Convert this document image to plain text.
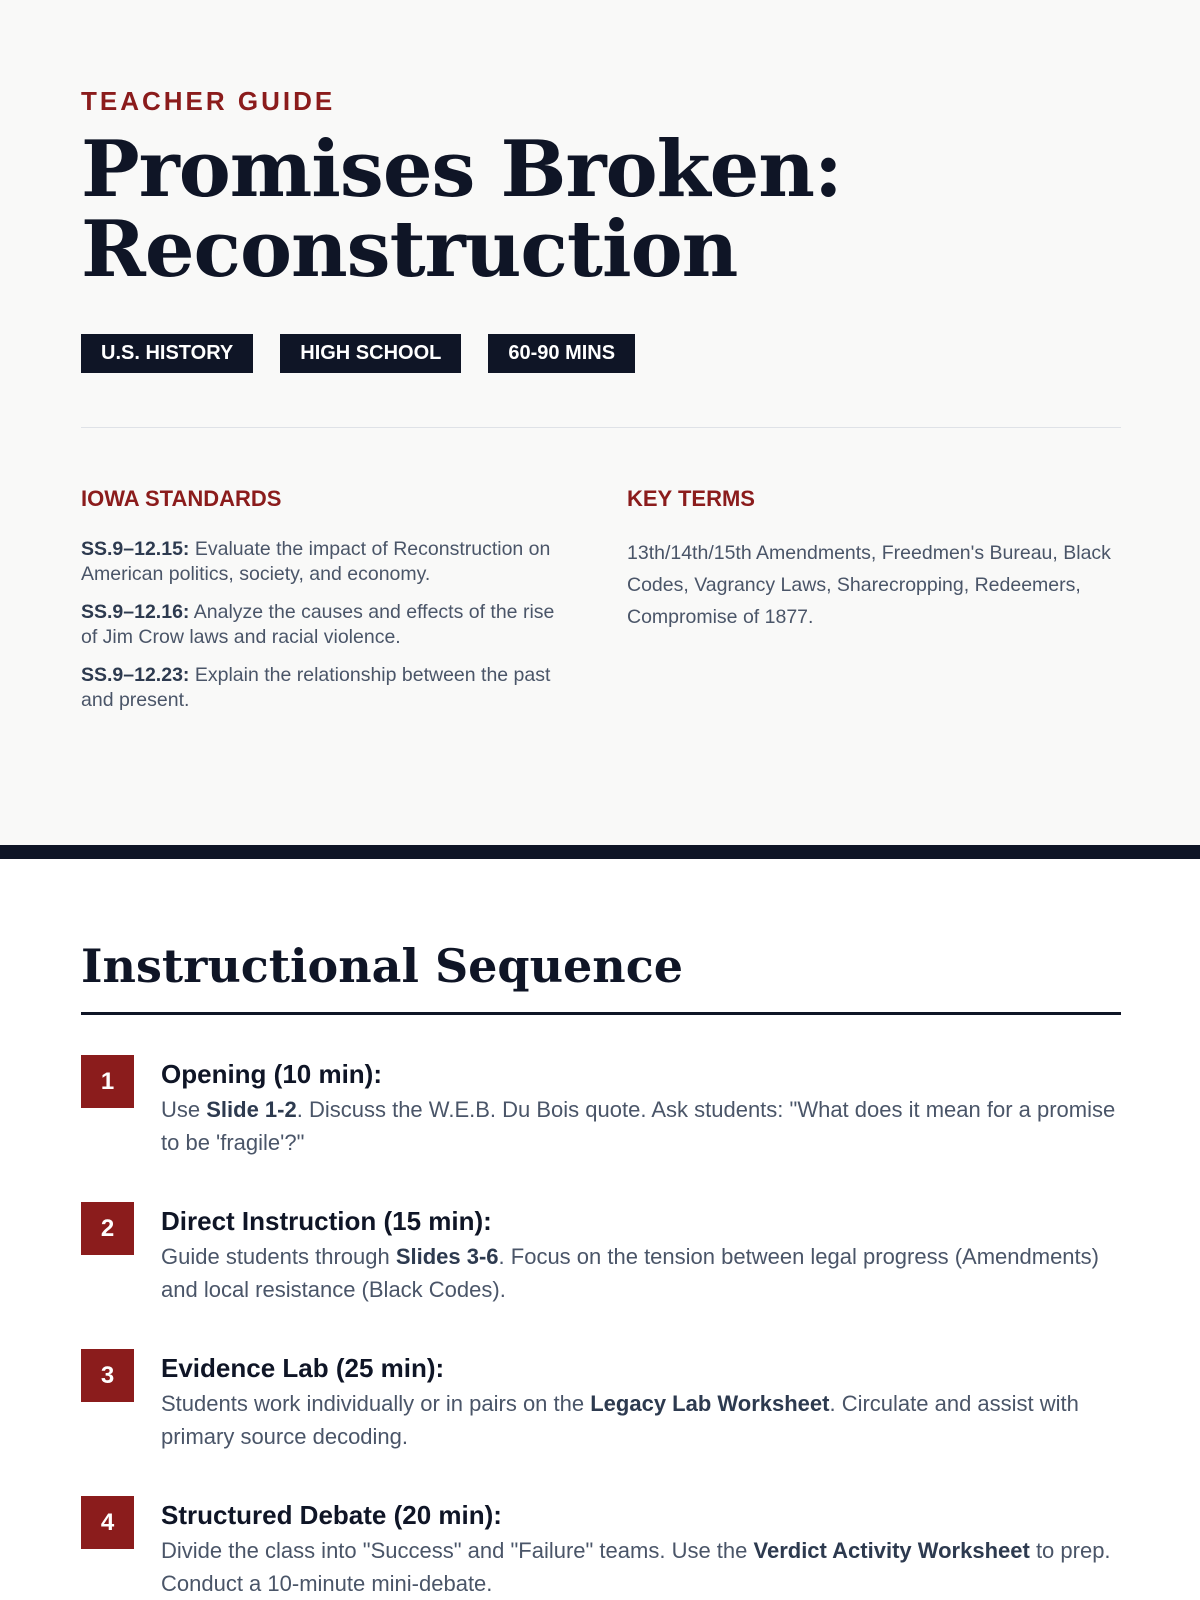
TEACHER GUIDE
Promises Broken:
Reconstruction
U.S. HISTORY	HIGH SCHOOL	60-90 MINS
IOWA STANDARDS
SS.9–12.15: Evaluate the impact of Reconstruction on American politics, society, and economy.
SS.9–12.16: Analyze the causes and effects of the rise of Jim Crow laws and racial violence.
SS.9–12.23: Explain the relationship between the past and present.
KEY TERMS
13th/14th/15th Amendments, Freedmen's Bureau, Black Codes, Vagrancy Laws, Sharecropping, Redeemers, Compromise of 1877.
Instructional Sequence
1	Opening (10 min):
Use Slide 1-2. Discuss the W.E.B. Du Bois quote. Ask students: "What does it mean for a promise to be 'fragile'?"
2	Direct Instruction (15 min):
Guide students through Slides 3-6. Focus on the tension between legal progress (Amendments) and local resistance (Black Codes).
3	Evidence Lab (25 min):
Students work individually or in pairs on the Legacy Lab Worksheet. Circulate and assist with primary source decoding.
4	Structured Debate (20 min):
Divide the class into "Success" and "Failure" teams. Use the Verdict Activity Worksheet to prep. Conduct a 10-minute mini-debate.
